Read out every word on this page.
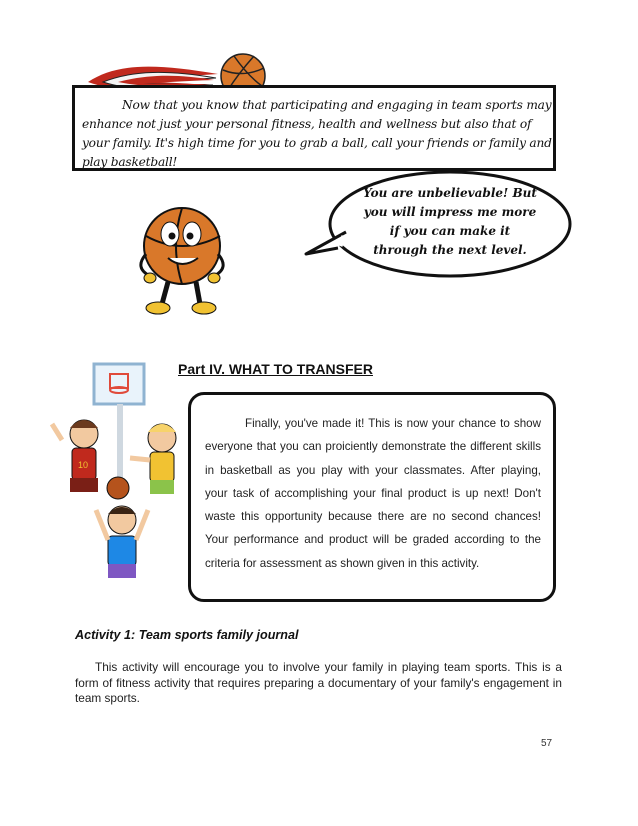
Now that you know that participating and engaging in team sports may enhance not just your personal fitness, health and wellness but also that of your family. It's high time for you to grab a ball, call your friends or family and play basketball!
You are unbelievable! But you will impress me more if you can make it through the next level.
Part IV. WHAT TO TRANSFER
10
Finally, you've made it! This is now your chance to show everyone that you can proiciently demonstrate the different skills in basketball as you play with your classmates. After playing, your task of accomplishing your final product is up next! Don't waste this opportunity because there are no second chances! Your performance and product will be graded according to the criteria for assessment as shown given in this activity.
Activity 1: Team sports family journal
This activity will encourage you to involve your family in playing team sports. This is a form of fitness activity that requires preparing a documentary of your family's engagement in team sports.
57
